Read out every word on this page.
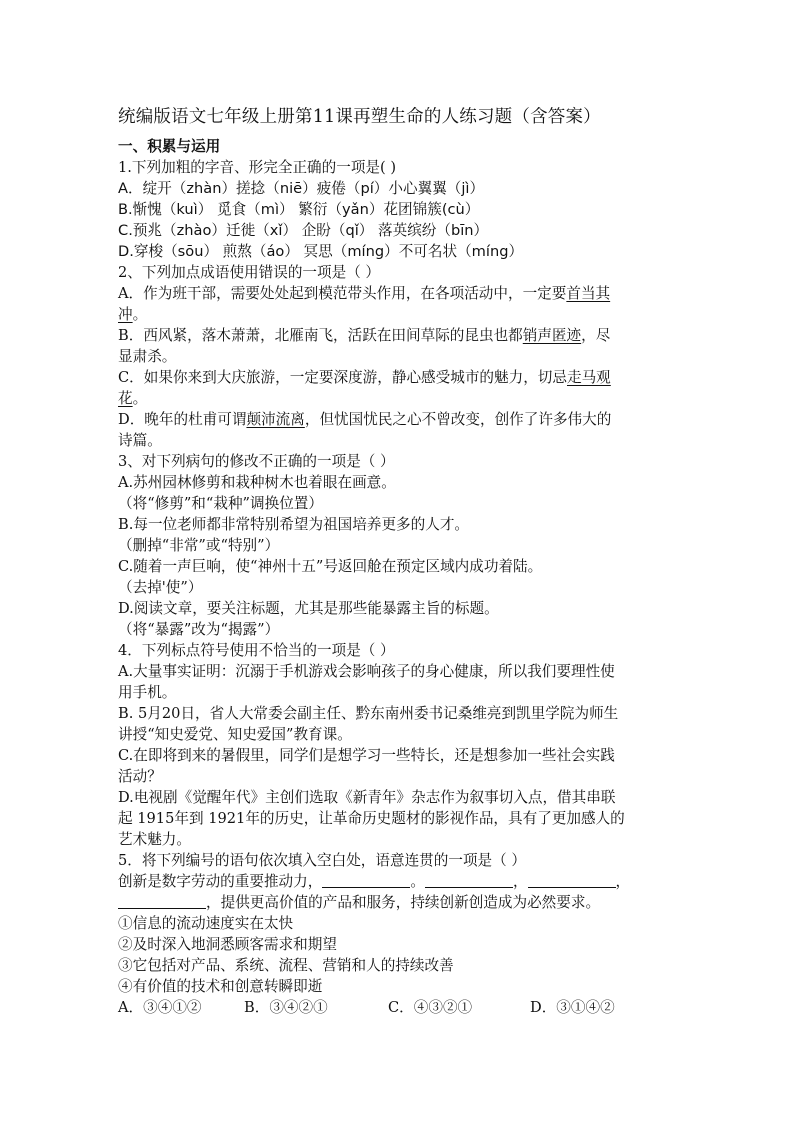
统编版语文七年级上册第11课再塑生命的人练习题（含答案）
一、积累与运用
1.下列加粗的字音、形完全正确的一项是( )
A．绽开（zhàn）搓捻（niē）疲倦（pí）小心翼翼（jì）
B.惭愧（kuì） 觅食（mì） 繁衍（yǎn）花团锦簇(cù）
C.预兆（zhào）迁徙（xǐ） 企盼（qǐ） 落英缤纷（bīn）
D.穿梭（sōu） 煎熬（áo） 冥思（míng）不可名状（míng）
2、下列加点成语使用错误的一项是（ ）
A．作为班干部，需要处处起到模范带头作用，在各项活动中，一定要首当其
冲。
B．西风紧，落木萧萧，北雁南飞，活跃在田间草际的昆虫也都销声匿迹，尽
显肃杀。
C．如果你来到大庆旅游，一定要深度游，静心感受城市的魅力，切忌走马观
花。
D．晚年的杜甫可谓颠沛流离，但忧国忧民之心不曾改变，创作了许多伟大的
诗篇。
3、对下列病句的修改不正确的一项是（ ）
A.苏州园林修剪和栽种树木也着眼在画意。
（将“修剪”和“栽种”调换位置）
B.每一位老师都非常特别希望为祖国培养更多的人才。
（删掉“非常”或“特别”）
C.随着一声巨响，使“神州十五”号返回舱在预定区域内成功着陆。
（去掉'使”）
D.阅读文章，要关注标题，尤其是那些能暴露主旨的标题。
（将“暴露”改为“揭露”）
4．下列标点符号使用不恰当的一项是（ ）
A.大量事实证明：沉溺于手机游戏会影响孩子的身心健康，所以我们要理性使
用手机。
B. 5月20日，省人大常委会副主任、黔东南州委书记桑维亮到凯里学院为师生
讲授“知史爱党、知史爱国”教育课。
C.在即将到来的暑假里，同学们是想学习一些特长，还是想参加一些社会实践
活动？
D.电视剧《觉醒年代》主创们选取《新青年》杂志作为叙事切入点，借其串联
起 1915年到 1921年的历史，让革命历史题材的影视作品，具有了更加感人的
艺术魅力。
5．将下列编号的语句依次填入空白处，语意连贯的一项是（ ）
创新是数字劳动的重要推动力，	。	，	，
，提供更高价值的产品和服务，持续创新创造成为必然要求。
①信息的流动速度实在太快
②及时深入地洞悉顾客需求和期望
③它包括对产品、系统、流程、营销和人的持续改善
④有价值的技术和创意转瞬即逝
A．③④①②	B．③④②①	C．④③②①	D．③①④②
